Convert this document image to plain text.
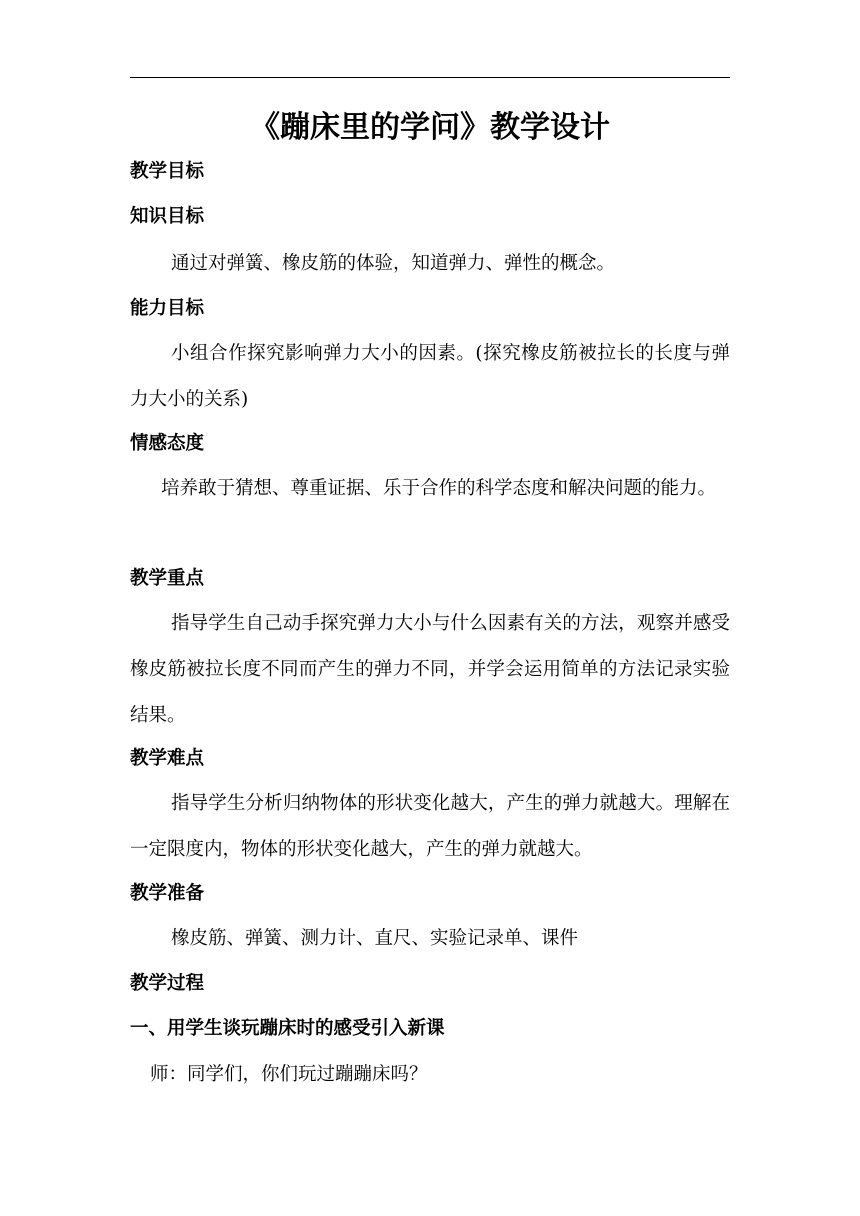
《蹦床里的学问》教学设计
教学目标
知识目标

通过对弹簧、橡皮筋的体验，知道弹力、弹性的概念。

能力目标

小组合作探究影响弹力大小的因素。(探究橡皮筋被拉长的长度与弹力大小的关系)

情感态度

培养敢于猜想、尊重证据、乐于合作的科学态度和解决问题的能力。

教学重点

指导学生自己动手探究弹力大小与什么因素有关的方法，观察并感受橡皮筋被拉长度不同而产生的弹力不同，并学会运用简单的方法记录实验结果。

教学难点

指导学生分析归纳物体的形状变化越大，产生的弹力就越大。理解在一定限度内，物体的形状变化越大，产生的弹力就越大。

教学准备

橡皮筋、弹簧、测力计、直尺、实验记录单、课件

教学过程
一、用学生谈玩蹦床时的感受引入新课
师：同学们，你们玩过蹦蹦床吗？
